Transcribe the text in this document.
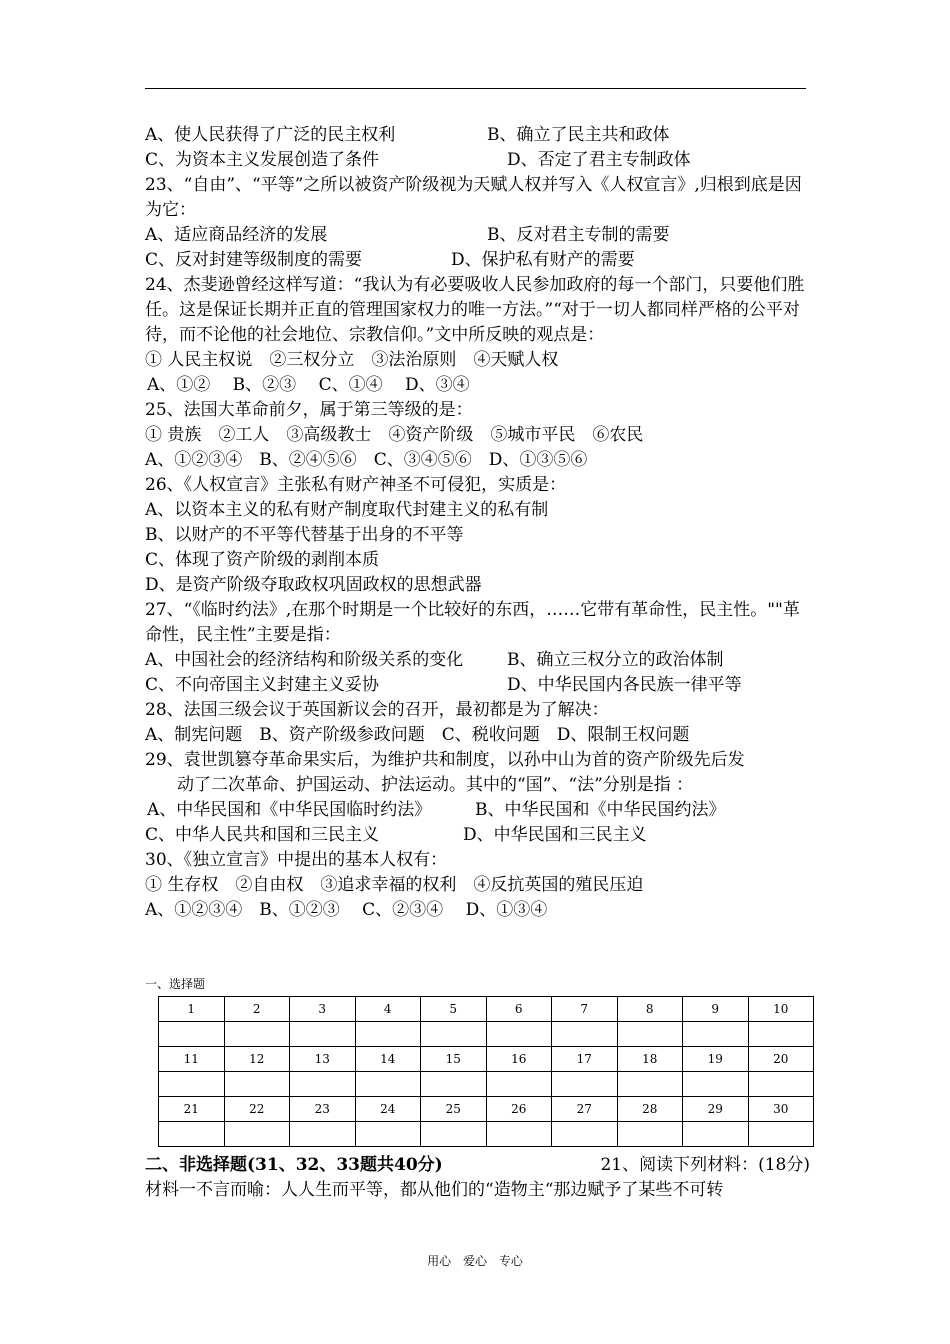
A、使人民获得了广泛的民主权利	B、确立了民主共和政体
C、为资本主义发展创造了条件	D、否定了君主专制政体
23、“自由”、“平等”之所以被资产阶级视为天赋人权并写入《人权宣言》,归根到底是因为它：
A、适应商品经济的发展	B、反对君主专制的需要
C、反对封建等级制度的需要	D、保护私有财产的需要
24、杰斐逊曾经这样写道：“我认为有必要吸收人民参加政府的每一个部门，只要他们胜任。这是保证长期并正直的管理国家权力的唯一方法。”“对于一切人都同样严格的公平对待，而不论他的社会地位、宗教信仰。”文中所反映的观点是：
① 人民主权说　②三权分立　③法治原则　④天赋人权
A、①②　 B、②③　 C、①④　 D、③④
25、法国大革命前夕，属于第三等级的是：
① 贵族　②工人　③高级教士　④资产阶级　⑤城市平民　⑥农民
A、①②③④　B、②④⑤⑥　C、③④⑤⑥　D、①③⑤⑥
26、《人权宣言》主张私有财产神圣不可侵犯，实质是：
A、以资本主义的私有财产制度取代封建主义的私有制
B、以财产的不平等代替基于出身的不平等
C、体现了资产阶级的剥削本质
D、是资产阶级夺取政权巩固政权的思想武器
27、“《临时约法》,在那个时期是一个比较好的东西，……它带有革命性，民主性。""革命性，民主性”主要是指：
A、中国社会的经济结构和阶级关系的变化	B、确立三权分立的政治体制
C、不向帝国主义封建主义妥协	D、中华民国内各民族一律平等
28、法国三级会议于英国新议会的召开，最初都是为了解决：
A、制宪问题　B、资产阶级参政问题　C、税收问题　D、限制王权问题
29、袁世凯篡夺革命果实后，为维护共和制度，以孙中山为首的资产阶级先后发
动了二次革命、护国运动、护法运动。其中的“国”、“法”分别是指 ：
A、中华民国和《中华民国临时约法》	B、中华民国和《中华民国约法》
C、中华人民共和国和三民主义	D、中华民国和三民主义
30、《独立宣言》中提出的基本人权有：
① 生存权　②自由权　③追求幸福的权利　④反抗英国的殖民压迫
A、①②③④　B、①②③　 C、②③④　 D、①③④
一、选择题
1	2	3	4	5	6	7	8	9	10

11	12	13	14	15	16	17	18	19	20

21	22	23	24	25	26	27	28	29	30

二、非选择题(31、32、33题共40分)	21、阅读下列材料：(18分)
材料一不言而喻：人人生而平等，都从他们的“造物主“那边赋予了某些不可转
用心 爱心 专心
